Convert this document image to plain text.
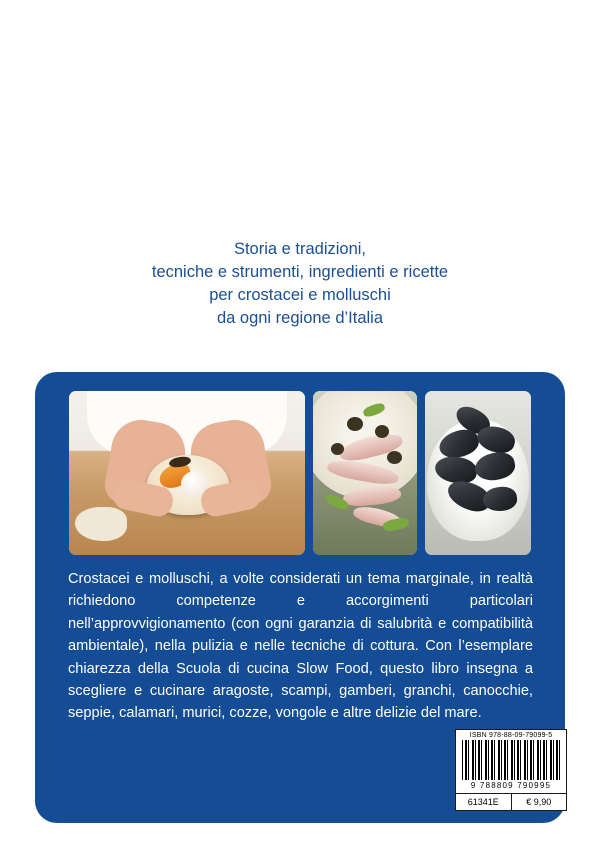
Storia e tradizioni,
tecniche e strumenti, ingredienti e ricette
per crostacei e molluschi
da ogni regione d’Italia
Crostacei e molluschi, a volte considerati un tema marginale, in realtà richiedono competenze e accorgimenti particolari nell’approvvigionamento (con ogni garanzia di salubrità e compatibilità ambientale), nella pulizia e nelle tecniche di cottura. Con l’esemplare chiarezza della Scuola di cucina Slow Food, questo libro insegna a scegliere e cucinare aragoste, scampi, gamberi, granchi, canocchie, seppie, calamari, murici, cozze, vongole e altre delizie del mare.
ISBN 978-88-09-79099-5
9 788809 790995
61341E	€ 9,90
